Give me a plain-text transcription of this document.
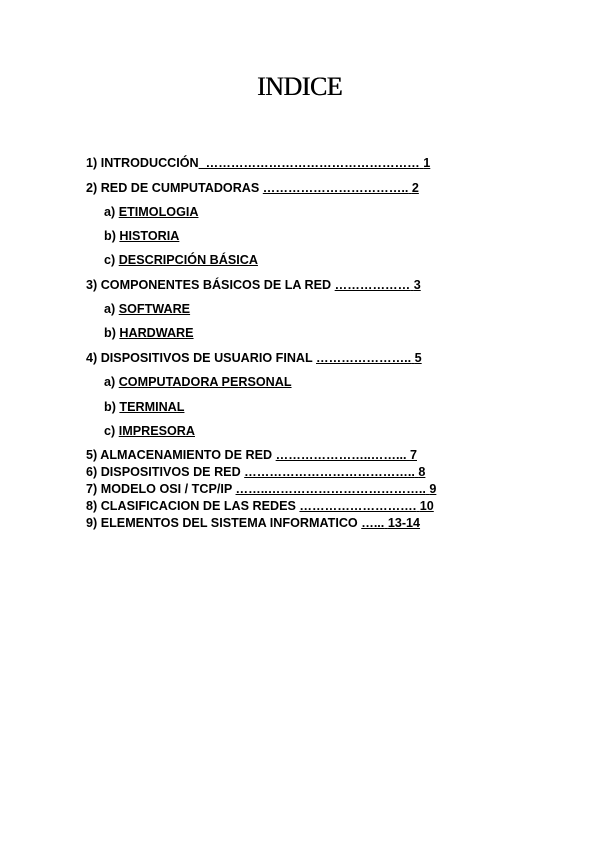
INDICE
1) INTRODUCCIÓN_…………………………………………… 1
2) RED DE CUMPUTADORAS …………………………….. 2
a) ETIMOLOGIA
b) HISTORIA
c) DESCRIPCIÓN BÁSICA
3) COMPONENTES BÁSICOS DE LA RED ……………… 3
a) SOFTWARE
b) HARDWARE
4) DISPOSITIVOS DE USUARIO FINAL ………………….. 5
a) COMPUTADORA PERSONAL
b) TERMINAL
c) IMPRESORA
5) ALMACENAMIENTO DE RED …………………..……... 7
6) DISPOSITIVOS DE RED ………………………………….. 8
7) MODELO OSI / TCP/IP ……..……………………………….. 9
8) CLASIFICACION DE LAS REDES ………………………. 10
9) ELEMENTOS DEL SISTEMA INFORMATICO …... 13-14
